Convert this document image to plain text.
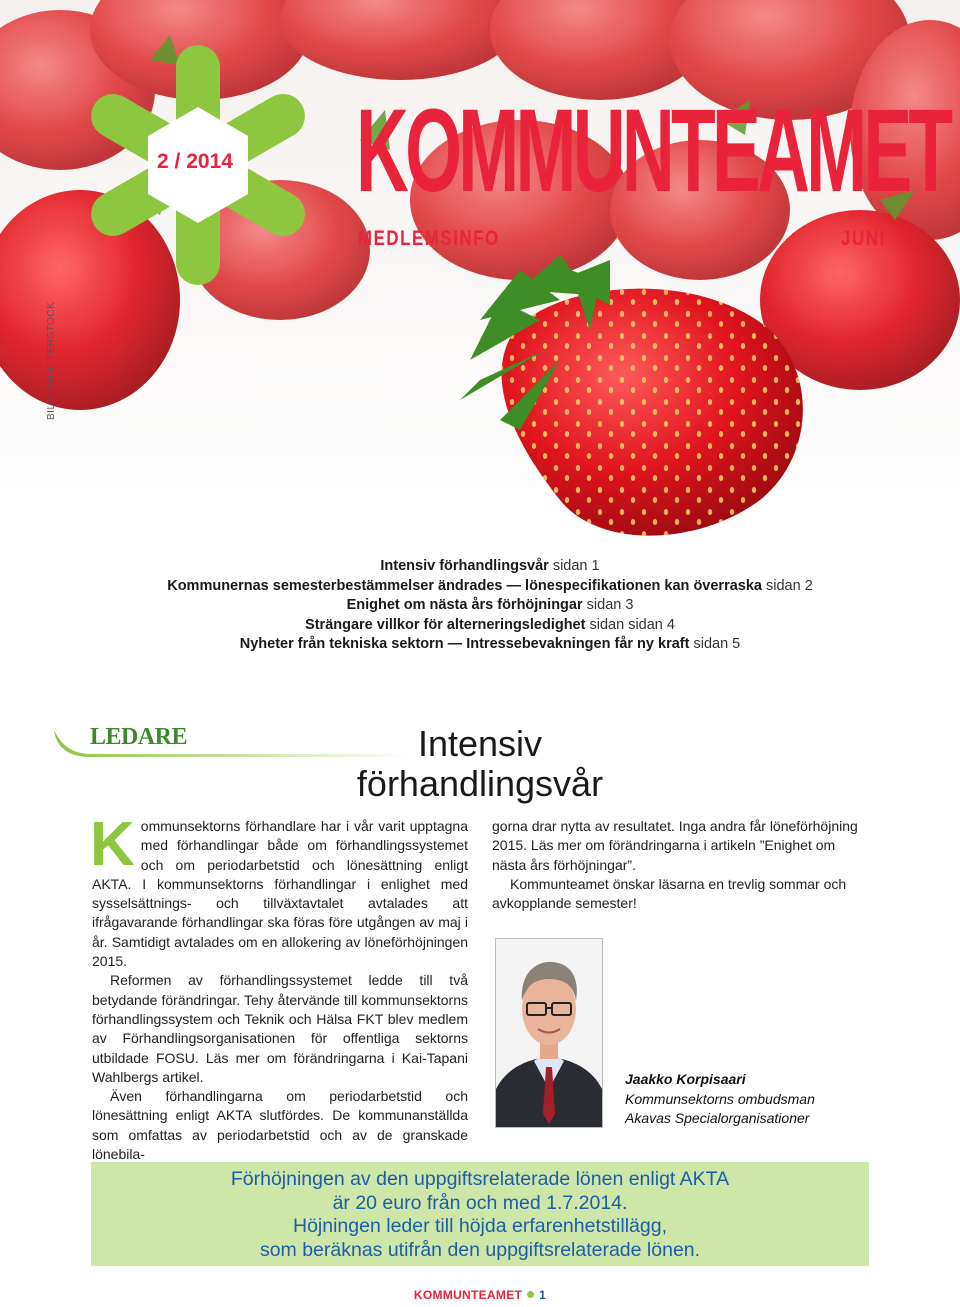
BILD: SHUTTERSTOCK
2 / 2014 KOMMUNTEAMET
MEDLEMSINFO	JUNI
Intensiv förhandlingsvår sidan 1
Kommunernas semesterbestämmelser ändrades — lönespecifikationen kan överraska sidan 2
Enighet om nästa års förhöjningar sidan 3
Strängare villkor för alterneringsledighet sidan sidan 4
Nyheter från tekniska sektorn — Intressebevakningen får ny kraft sidan 5
LEDARE	Intensiv
förhandlingsvår

Kommunsektorns förhandlare har i vår varit upptagna med förhandlingar både om förhandlingssystemet och om periodarbetstid och lönesättning enligt AKTA. I kommunsektorns förhandlingar i enlighet med sysselsättnings- och tillväxtavtalet avtalades att ifrågavarande förhandlingar ska föras före utgången av maj i år. Samtidigt avtalades om en allokering av löneförhöjningen 2015.

Reformen av förhandlingssystemet ledde till två betydande förändringar. Tehy återvände till kommunsektorns förhandlingssystem och Teknik och Hälsa FKT blev medlem av Förhandlingsorganisationen för offentliga sektorns utbildade FOSU. Läs mer om förändringarna i Kai-Tapani Wahlbergs artikel.

Även förhandlingarna om periodarbetstid och lönesättning enligt AKTA slutfördes. De kommunanställda som omfattas av periodarbetstid och av de granskade lönebila-

gorna drar nytta av resultatet. Inga andra får löneförhöjning 2015. Läs mer om förändringarna i artikeln ”Enighet om nästa års förhöjningar”.

Kommunteamet önskar läsarna en trevlig sommar och avkopplande semester!

Jaakko Korpisaari
Kommunsektorns ombudsman
Akavas Specialorganisationer
Förhöjningen av den uppgiftsrelaterade lönen enligt AKTA
är 20 euro från och med 1.7.2014.
Höjningen leder till höjda erfarenhetstillägg,
som beräknas utifrån den uppgiftsrelaterade lönen.
KOMMUNTEAMET 1
